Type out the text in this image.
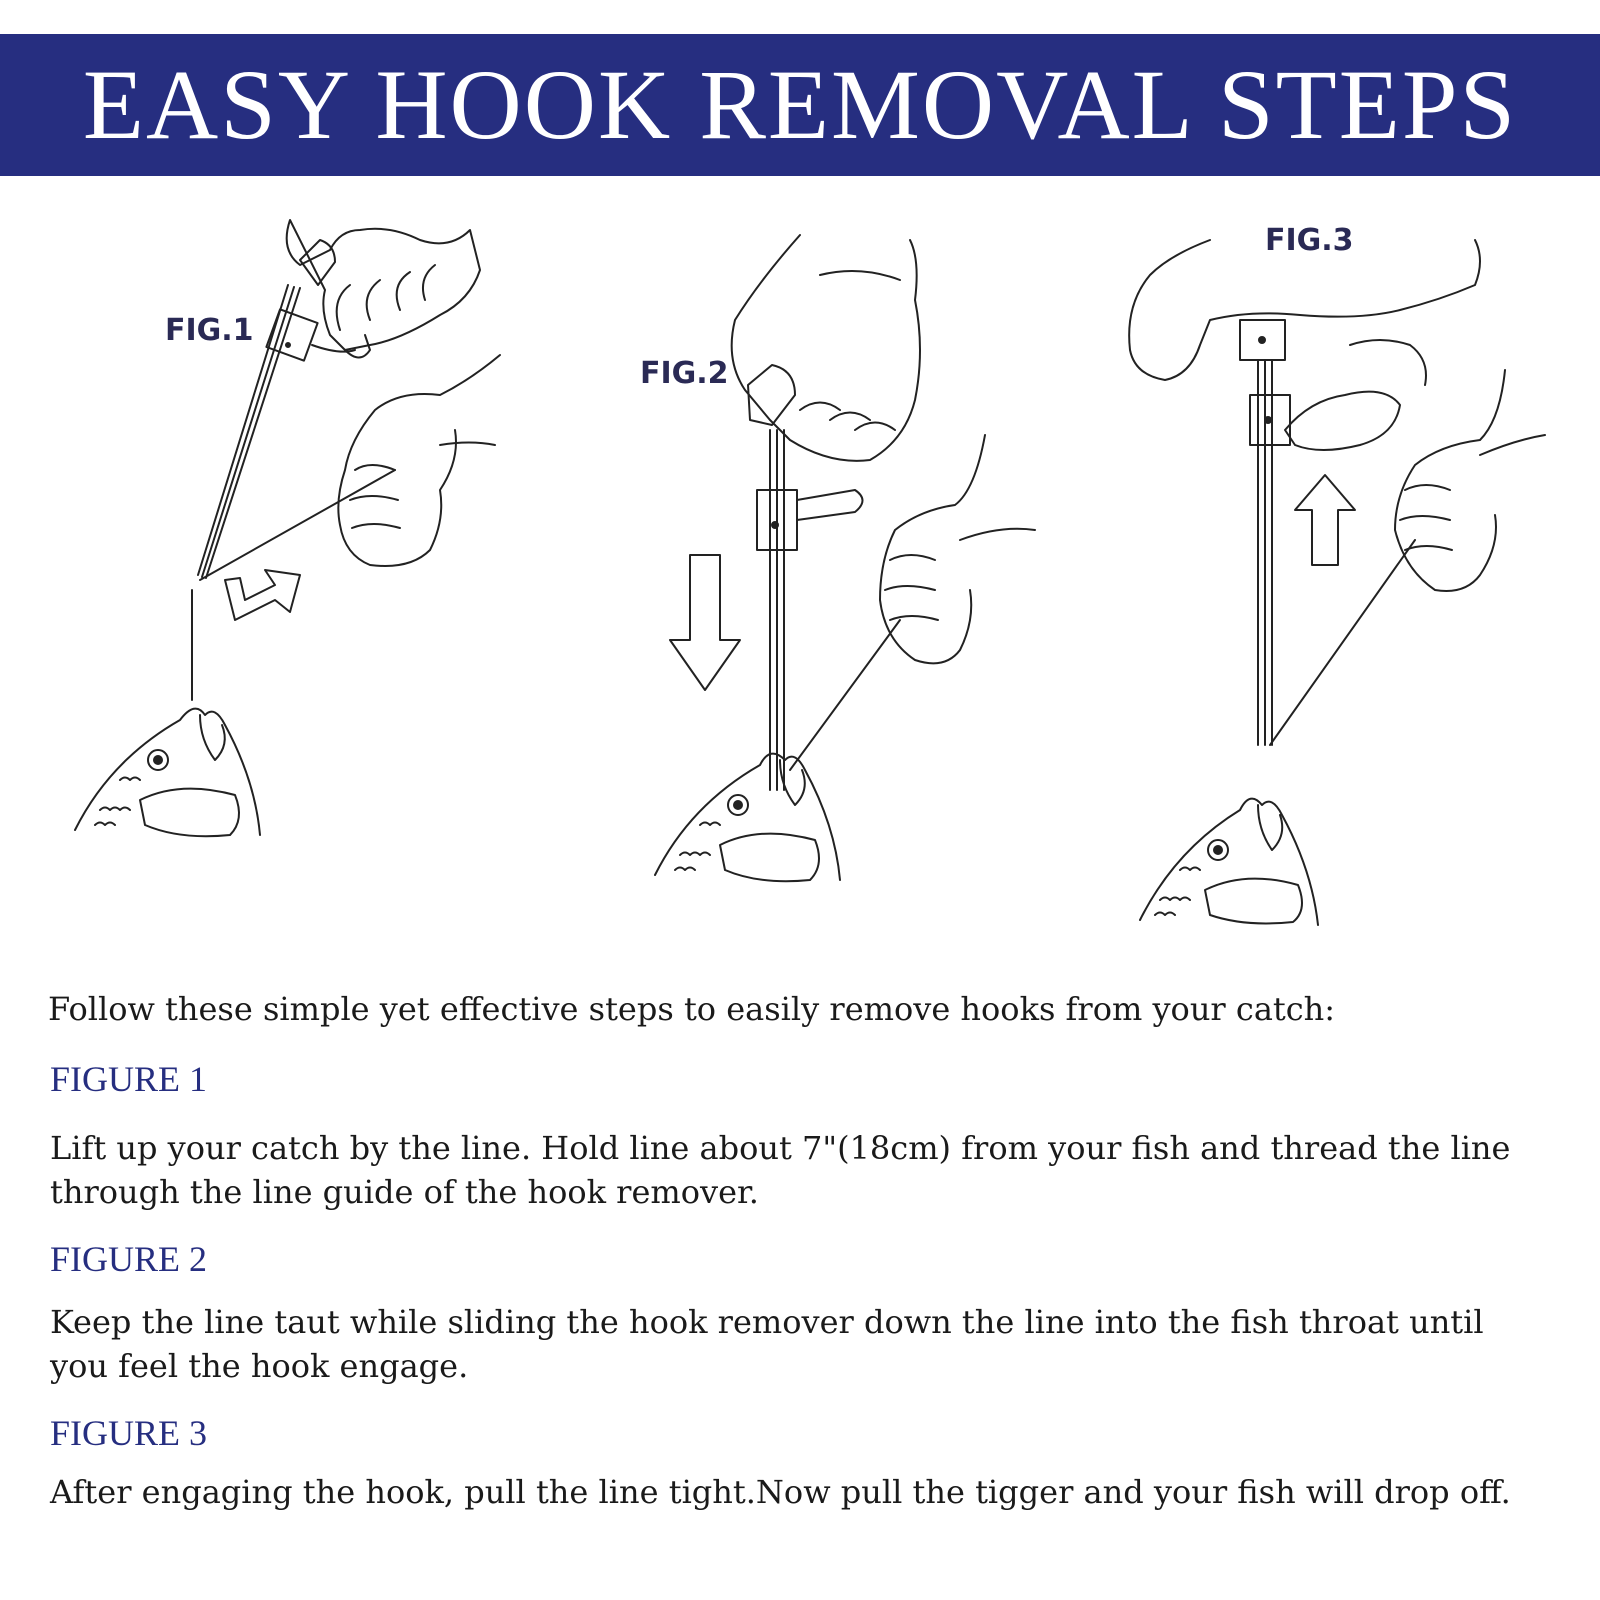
EASY HOOK REMOVAL STEPS
FIG.1
FIG.2
FIG.3
Follow these simple yet effective steps to easily remove hooks from your catch:
FIGURE 1
Lift up your catch by the line. Hold line about 7"(18cm) from your fish and thread the line through the line guide of the hook remover.
FIGURE 2
Keep the line taut while sliding the hook remover down the line into the fish throat until you feel the hook engage.
FIGURE 3
After engaging the hook, pull the line tight.Now pull the tigger and your fish will drop off.
